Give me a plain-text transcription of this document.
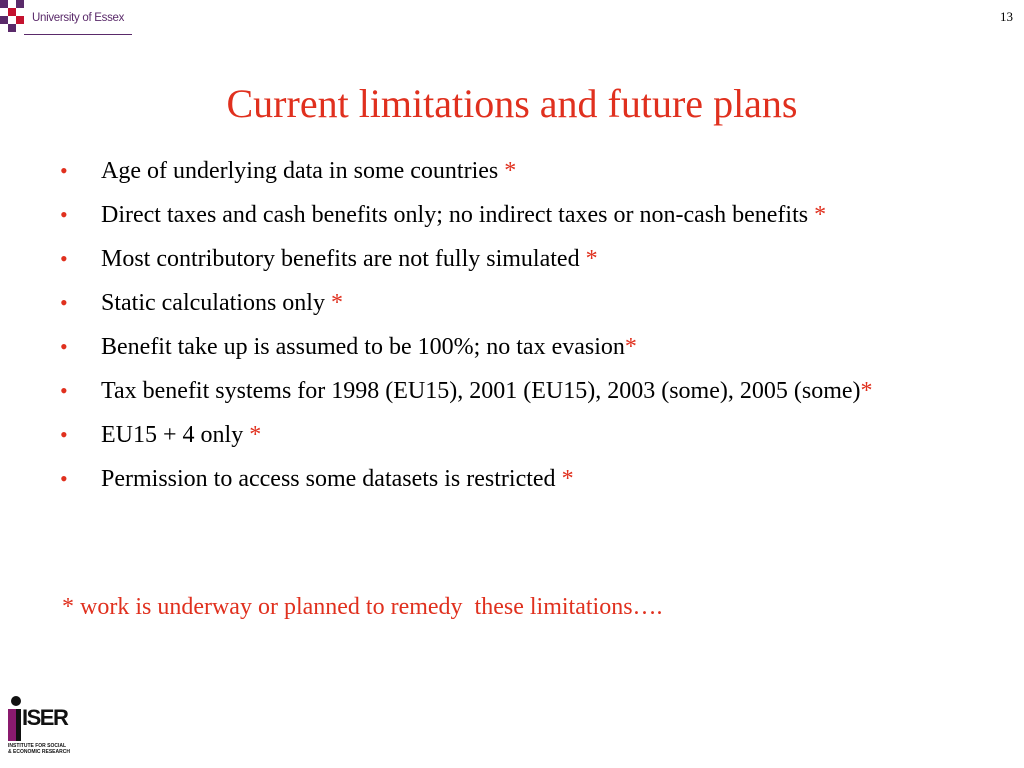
University of Essex	13
Current limitations and future plans
• Age of underlying data in some countries *
• Direct taxes and cash benefits only; no indirect taxes or non-cash benefits *
• Most contributory benefits are not fully simulated *
• Static calculations only *
• Benefit take up is assumed to be 100%; no tax evasion*
• Tax benefit systems for 1998 (EU15), 2001 (EU15), 2003 (some), 2005 (some)*
• EU15 + 4 only *
• Permission to access some datasets is restricted *
* work is underway or planned to remedy  these limitations….
ISER
INSTITUTE FOR SOCIAL
& ECONOMIC RESEARCH
